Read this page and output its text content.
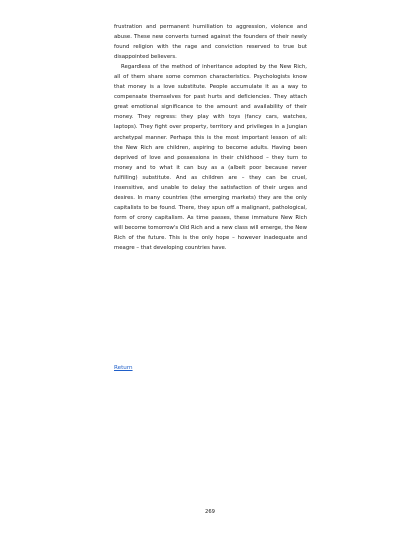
frustration and permanent humiliation to aggression, violence and abuse. These new converts turned against the founders of their newly found religion with the rage and conviction reserved to true but disappointed believers.

Regardless of the method of inheritance adopted by the New Rich, all of them share some common characteristics. Psychologists know that money is a love substitute. People accumulate it as a way to compensate themselves for past hurts and deficiencies. They attach great emotional significance to the amount and availability of their money. They regress: they play with toys (fancy cars, watches, laptops). They fight over property, territory and privileges in a Jungian archetypal manner. Perhaps this is the most important lesson of all: the New Rich are children, aspiring to become adults. Having been deprived of love and possessions in their childhood – they turn to money and to what it can buy as a (albeit poor because never fulfilling) substitute. And as children are – they can be cruel, insensitive, and unable to delay the satisfaction of their urges and desires. In many countries (the emerging markets) they are the only capitalists to be found. There, they spun off a malignant, pathological, form of crony capitalism. As time passes, these immature New Rich will become tomorrow's Old Rich and a new class will emerge, the New Rich of the future. This is the only hope – however inadequate and meagre – that developing countries have.

Return
269
